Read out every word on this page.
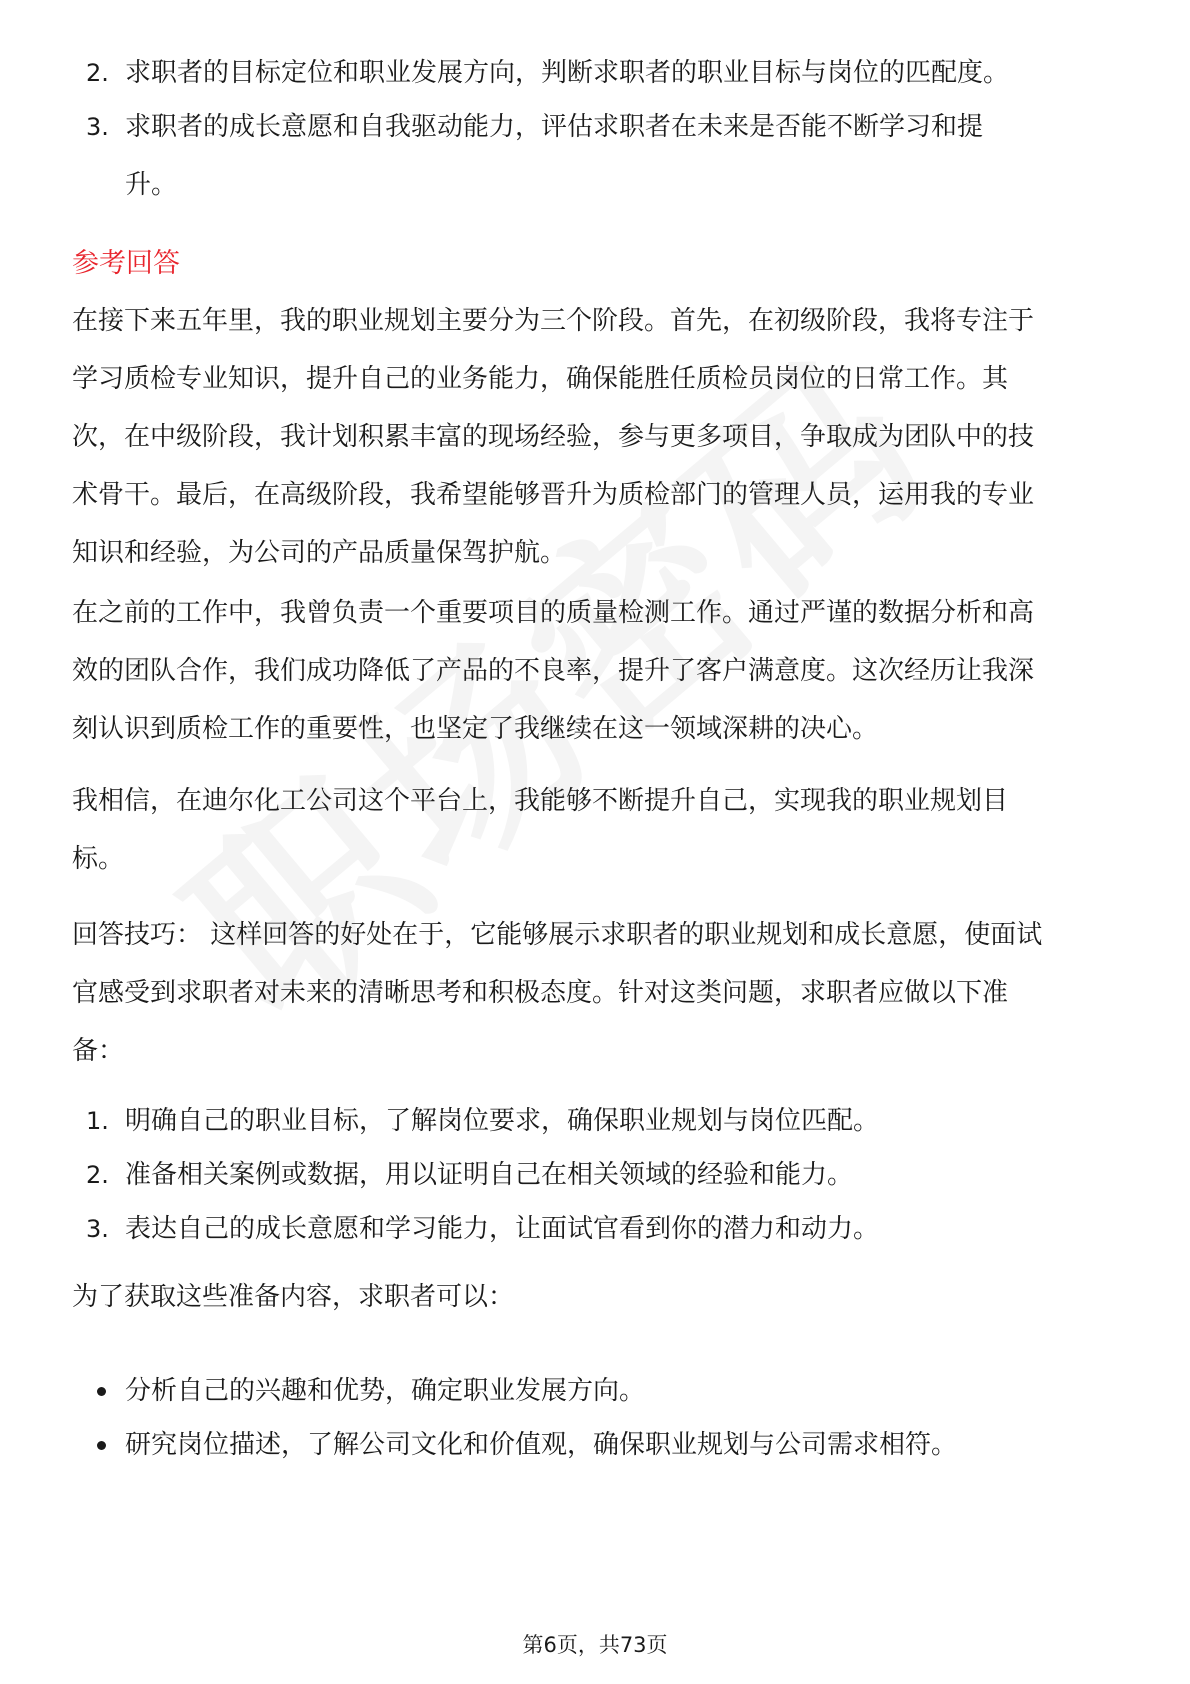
2. 求职者的目标定位和职业发展方向，判断求职者的职业目标与岗位的匹配度。
3. 求职者的成长意愿和自我驱动能力，评估求职者在未来是否能不断学习和提升。
参考回答

在接下来五年里，我的职业规划主要分为三个阶段。首先，在初级阶段，我将专注于学习质检专业知识，提升自己的业务能力，确保能胜任质检员岗位的日常工作。其次，在中级阶段，我计划积累丰富的现场经验，参与更多项目，争取成为团队中的技术骨干。最后，在高级阶段，我希望能够晋升为质检部门的管理人员，运用我的专业知识和经验，为公司的产品质量保驾护航。

在之前的工作中，我曾负责一个重要项目的质量检测工作。通过严谨的数据分析和高效的团队合作，我们成功降低了产品的不良率，提升了客户满意度。这次经历让我深刻认识到质检工作的重要性，也坚定了我继续在这一领域深耕的决心。

我相信，在迪尔化工公司这个平台上，我能够不断提升自己，实现我的职业规划目标。

回答技巧： 这样回答的好处在于，它能够展示求职者的职业规划和成长意愿，使面试官感受到求职者对未来的清晰思考和积极态度。针对这类问题，求职者应做以下准备：

1. 明确自己的职业目标，了解岗位要求，确保职业规划与岗位匹配。
2. 准备相关案例或数据，用以证明自己在相关领域的经验和能力。
3. 表达自己的成长意愿和学习能力，让面试官看到你的潜力和动力。

为了获取这些准备内容，求职者可以：

分析自己的兴趣和优势，确定职业发展方向。
研究岗位描述，了解公司文化和价值观，确保职业规划与公司需求相符。
第6页，共73页
